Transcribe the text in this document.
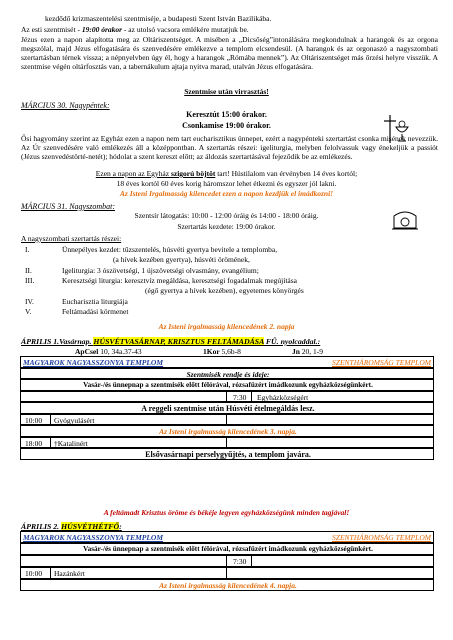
kezdődő krizmaszentelési szentmiséje, a budapesti Szent István Bazilikába.
Az esti szentmisét - 19:00 órakor - az utolsó vacsora emlékére mutatjuk be.
Jézus ezen a napon alapította meg az Oltáriszentséget. A misében a „Dicsőség”intonálására megkondulnak a harangok és az orgona megszólal, majd Jézus elfogatására és szenvedésére emlékezve a templom elcsendesül. (A harangok és az orgonaszó a nagyszombati szertartásban térnek vissza; a népnyelvben úgy él, hogy a harangok „Rómába mennek”). Az Oltáriszentséget más őrzési helyre visszük. A szentmise végén oltárfosztás van, a tabernákulum ajtaja nyitva marad, utalván Jézus elfogatására.
Szentmise után virrasztás!
MÁRCIUS 30. Nagypéntek:
Keresztút 15:00 órakor.
Csonkamise 19:00 órakor.
Ősi hagyomány szerint az Egyház ezen a napon nem tart eucharisztikus ünnepet, ezért a nagypénteki szertartást csonka misének nevezzük. Az Úr szenvedésére való emlékezés áll a középpontban. A szertartás részei: igeliturgia, melyben felolvassuk vagy énekeljük a passiót (Jézus szenvedéstörté-netét); hódolat a szent kereszt előtt; az áldozás szertartásával fejeződik be az emlékezés.
Ezen a napon az Egyház szigorú böjtöt tart! Hústilalom van érvényben 14 éves kortól;
18 éves kortól 60 éves korig háromszor lehet étkezni és egyszer jól lakni.
Az Isteni Irgalmasság kilencedet ezen a napon kezdjük el imádkozni!
MÁRCIUS 31. Nagyszombat:
Szentsír látogatás: 10:00 - 12:00 óráig és 14:00 - 18:00 óráig.
Szertartás kezdete: 19:00 órakor.
A nagyszombati szertartás részei:
I.	Ünnepélyes kezdet: tűzszentelés, húsvéti gyertya bevitele a templomba,
(a hívek kezében gyertya), húsvéti örömének,
II.	Igeliturgia: 3 ószövetségi, 1 újszövetségi olvasmány, evangélium;
III.	Keresztségi liturgia: keresztvíz megáldása, keresztségi fogadalmak megújítása
(égő gyertya a hívek kezében), egyetemes könyörgés
IV.	Eucharisztia liturgiája
V.	Feltámadási körmenet
Az Isteni irgalmasság kilencedének 2. napja
ÁPRILIS 1.Vasárnap. HÚSVÉTVASÁRNAP, KRISZTUS FELTÁMADÁSA FŰ. nyolcaddal.:
ApCsel 10, 34a.37-43	1Kor 5,6b-8	Jn 20, 1-9
MAGYAROK NAGYASSZONYA TEMPLOM	SZENTHÁROMSÁG TEMPLOM
Szentmisék rendje és ideje:
Vasár-/és ünnepnap a szentmisék előtt félórával, rózsafüzért imádkozunk egyházközségünkért.
7:30 Egyházközségért
A reggeli szentmise után Húsvéti ételmegáldás lesz.
10:00 Gyógyulásért
Az Isteni irgalmasság kilencedének 3. napja.
18:00 †Katalinért
Elsővasárnapi perselygyűjtés, a templom javára.
A feltámadt Krisztus öröme és békéje legyen egyházközségünk minden tagjával!
ÁPRILIS 2. HÚSVÉTHÉTFŐ:
MAGYAROK NAGYASSZONYA TEMPLOM	SZENTHÁROMSÁG TEMPLOM
Vasár-/és ünnepnap a szentmisék előtt félórával, rózsafüzért imádkozunk egyházközségünkért.
7:30
10:00 Hazánkért
Az Isteni irgalmasság kilencedének 4. napja.
